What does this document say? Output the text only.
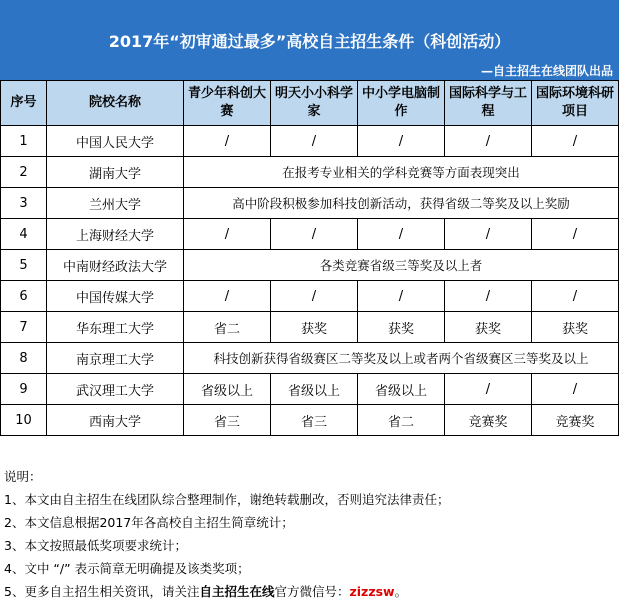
2017年“初审通过最多”高校自主招生条件（科创活动）
—自主招生在线团队出品
序号	院校名称	青少年科创大赛	明天小小科学家	中小学电脑制作	国际科学与工程	国际环境科研项目
1	中国人民大学	/	/	/	/	/
2	湖南大学	在报考专业相关的学科竞赛等方面表现突出				
3	兰州大学	高中阶段积极参加科技创新活动，获得省级二等奖及以上奖励				
4	上海财经大学	/	/	/	/	/
5	中南财经政法大学	各类竞赛省级三等奖及以上者				
6	中国传媒大学	/	/	/	/	/
7	华东理工大学	省二	获奖	获奖	获奖	获奖
8	南京理工大学	科技创新获得省级赛区二等奖及以上或者两个省级赛区三等奖及以上				
9	武汉理工大学	省级以上	省级以上	省级以上	/	/
10	西南大学	省三	省三	省二	竞赛奖	竞赛奖
说明：
1、本文由自主招生在线团队综合整理制作，谢绝转载删改，否则追究法律责任；
2、本文信息根据2017年各高校自主招生简章统计；
3、本文按照最低奖项要求统计；
4、文中 “/” 表示简章无明确提及该类奖项；
5、更多自主招生相关资讯，请关注自主招生在线官方微信号：zizzsw。
